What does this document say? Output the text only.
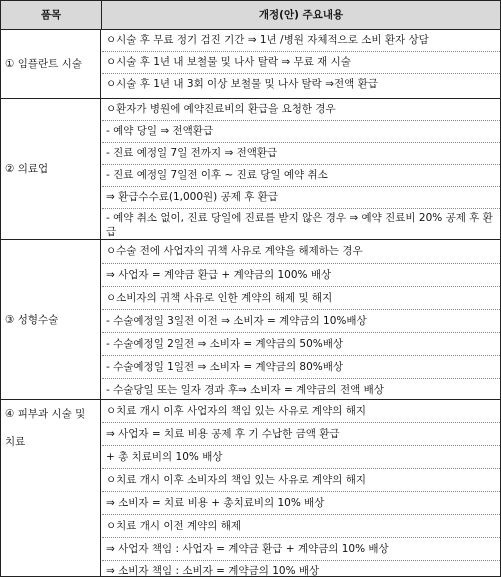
품목	개정(안) 주요내용
① 임플란트 시술
ㅇ시술 후 무료 정기 검진 기간 ⇒ 1년 /병원 자체적으로 소비 환자 상담
ㅇ시술 후 1년 내 보철물 및 나사 탈락 ⇒ 무료 재 시술
ㅇ시술 후 1년 내 3회 이상 보철물 및 나사 탈락 ⇒전액 환급
② 의료업
ㅇ환자가 병원에 예약진료비의 환급을 요청한 경우
- 예약 당일 ⇒ 전액환급
- 진료 예정일 7일 전까지 ⇒ 전액환급
- 진료 예정일 7일전 이후 ~ 진료 당일 예약 취소
⇒ 환급수수료(1,000원) 공제 후 환급
- 예약 취소 없이, 진료 당일에 진료를 받지 않은 경우 ⇒ 예약 진료비 20% 공제 후 환급
③ 성형수술
ㅇ수술 전에 사업자의 귀책 사유로 계약을 해제하는 경우
⇒ 사업자 = 계약금 환급 + 계약금의 100% 배상
ㅇ소비자의 귀책 사유로 인한 계약의 해제 및 해지
- 수술예정일 3일전 이전 ⇒ 소비자 = 계약금의 10%배상
- 수술예정일 2일전 ⇒ 소비자 = 계약금의 50%배상
- 수술예정일 1일전 ⇒ 소비자 = 계약금의 80%배상
- 수술당일 또는 일자 경과 후⇒ 소비자 = 계약금의 전액 배상
④ 피부과 시술 및 치료
ㅇ치료 개시 이후 사업자의 책임 있는 사유로 계약의 해지
⇒ 사업자 = 치료 비용 공제 후 기 수납한 금액 환급
+ 총 치료비의 10% 배상
ㅇ치료 개시 이후 소비자의 책임 있는 사유로 계약의 해지
⇒ 소비자 = 치료 비용 + 총치료비의 10% 배상
ㅇ치료 개시 이전 계약의 해제
⇒ 사업자 책임 : 사업자 = 계약금 환급 + 계약금의 10% 배상
⇒ 소비자 책임 : 소비자 = 계약금의 10% 배상
